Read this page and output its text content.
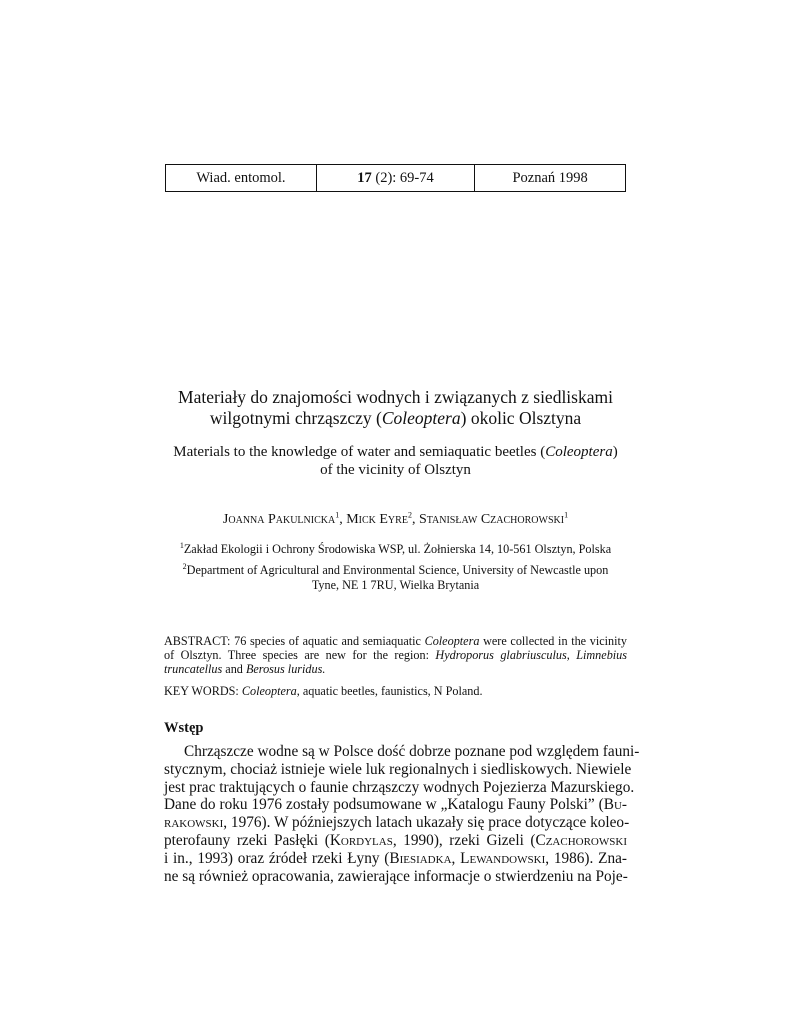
Wiad. entomol.	17
(2): 69-74	Poznań 1998
Materiały do znajomości wodnych i związanych z siedliskami
wilgotnymi chrząszczy (Coleoptera) okolic Olsztyna
Materials to the knowledge of water and semiaquatic beetles (Coleoptera)
of the vicinity of Olsztyn
Joanna Pakulnicka$^1$, Mick Eyre$^2$, Stanisław Czachorowski$^1$
$^1$Zakład Ekologii i Ochrony Środowiska WSP, ul. Żołnierska 14, 10-561 Olsztyn, Polska
$^2$Department of Agricultural and Environmental Science, University of Newcastle upon
Tyne, NE 1 7RU, Wielka Brytania
ABSTRACT: 76 species of aquatic and semiaquatic Coleoptera were collected in the vicinity of Olsztyn. Three species are new for the region: Hydroporus glabriusculus, Limnebius truncatellus and Berosus luridus.
KEY WORDS: Coleoptera, aquatic beetles, faunistics, N Poland.
Wstęp
Chrząszcze wodne są w Polsce dość dobrze poznane pod względem fauni-
stycznym, chociaż istnieje wiele luk regionalnych i siedliskowych. Niewiele
jest prac traktujących o faunie chrząszczy wodnych Pojezierza Mazurskiego.
Dane do roku 1976 zostały podsumowane w „Katalogu Fauny Polski” (Bu-
rakowski, 1976). W późniejszych latach ukazały się prace dotyczące koleo-
pterofauny rzeki Pasłęki (Kordylas, 1990), rzeki Gizeli (Czachorowski
i in., 1993) oraz źródeł rzeki Łyny (Biesiadka, Lewandowski, 1986). Zna-
ne są również opracowania, zawierające informacje o stwierdzeniu na Poje-
